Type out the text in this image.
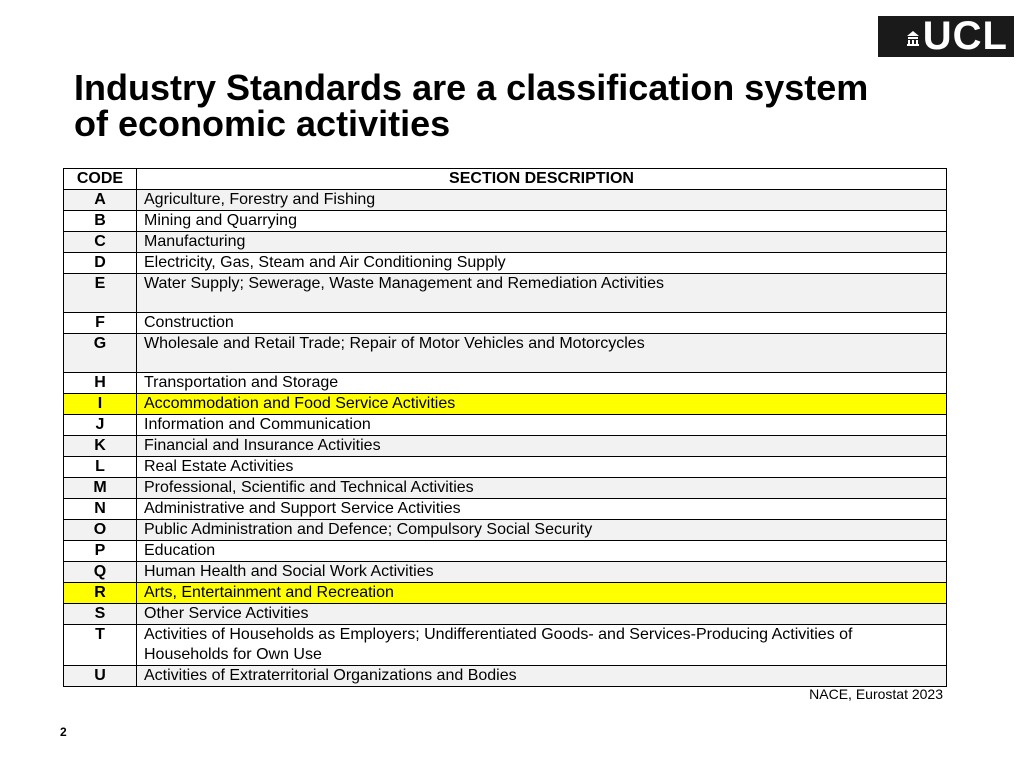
UCL
Industry Standards are a classification system of economic activities
CODE	SECTION DESCRIPTION
A	Agriculture, Forestry and Fishing
B	Mining and Quarrying
C	Manufacturing
D	Electricity, Gas, Steam and Air Conditioning Supply
E	Water Supply; Sewerage, Waste Management and Remediation Activities
F	Construction
G	Wholesale and Retail Trade; Repair of Motor Vehicles and Motorcycles
H	Transportation and Storage
I	Accommodation and Food Service Activities
J	Information and Communication
K	Financial and Insurance Activities
L	Real Estate Activities
M	Professional, Scientific and Technical Activities
N	Administrative and Support Service Activities
O	Public Administration and Defence; Compulsory Social Security
P	Education
Q	Human Health and Social Work Activities
R	Arts, Entertainment and Recreation
S	Other Service Activities
T	Activities of Households as Employers; Undifferentiated Goods- and Services-Producing Activities of Households for Own Use
U	Activities of Extraterritorial Organizations and Bodies
NACE, Eurostat 2023
2
